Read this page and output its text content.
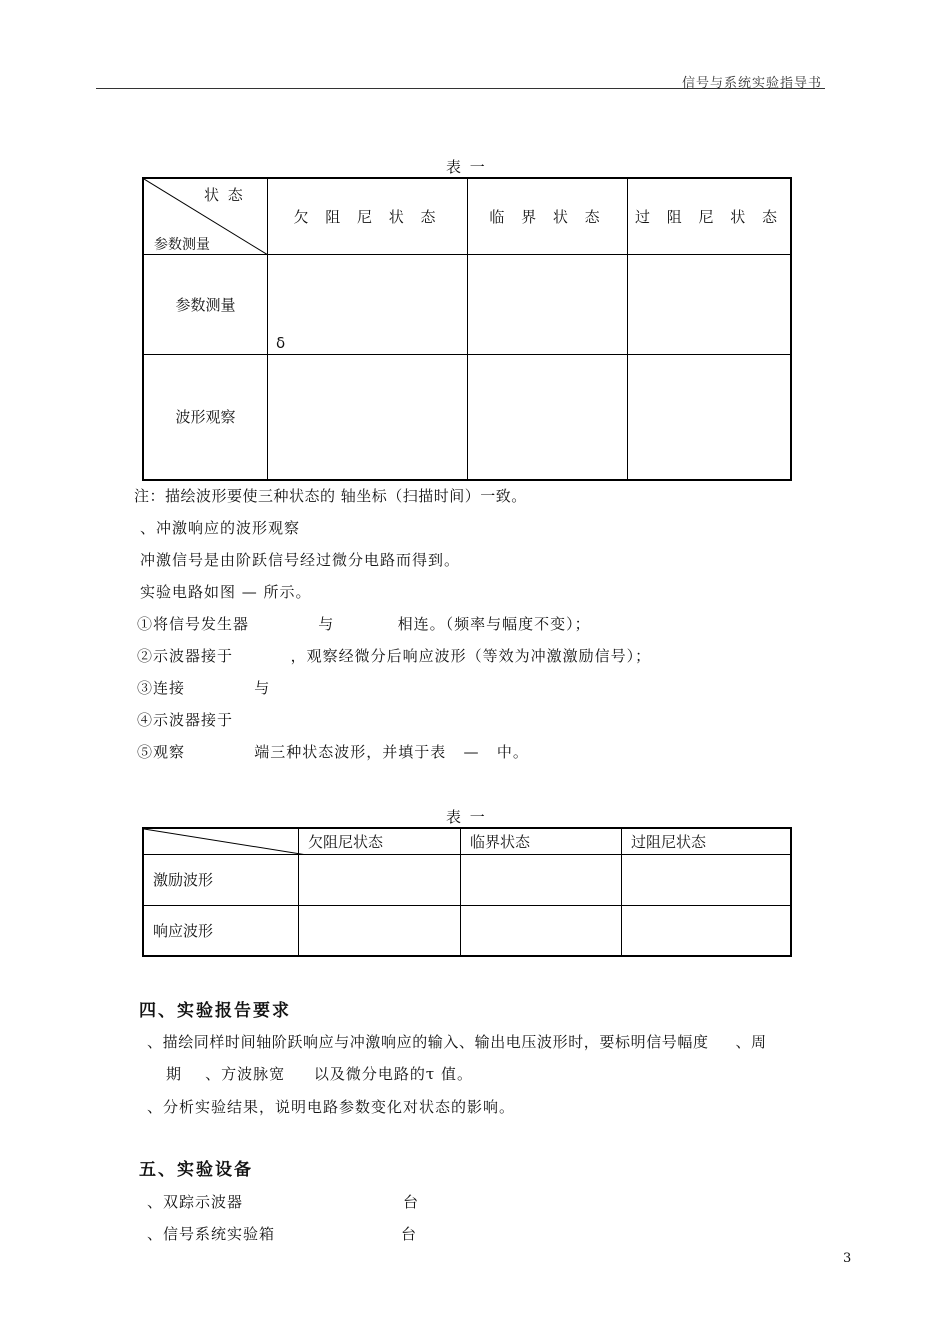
信号与系统实验指导书
表 一
状 态
参数测量	欠 阻 尼 状 态	临 界 状 态	过 阻 尼 状 态
参数测量	δ		

波形观察			
注：描绘波形要使三种状态的 轴坐标（扫描时间）一致。
、冲激响应的波形观察
冲激信号是由阶跃信号经过微分电路而得到。
实验电路如图 — 所示。
①将信号发生器            与           相连。（频率与幅度不变）；
②示波器接于          ，观察经微分后响应波形（等效为冲激激励信号）；
③连接            与
④示波器接于
⑤观察            端三种状态波形，并填于表   —   中。
表 一
	欠阻尼状态	临界状态	过阻尼状态
激励波形			
响应波形			
四、实验报告要求
、描绘同样时间轴阶跃响应与冲激响应的输入、输出电压波形时，要标明信号幅度     、周
期    、方波脉宽     以及微分电路的τ 值。
、分析实验结果，说明电路参数变化对状态的影响。
五、实验设备
、双踪示波器	台
、信号系统实验箱	台
3
